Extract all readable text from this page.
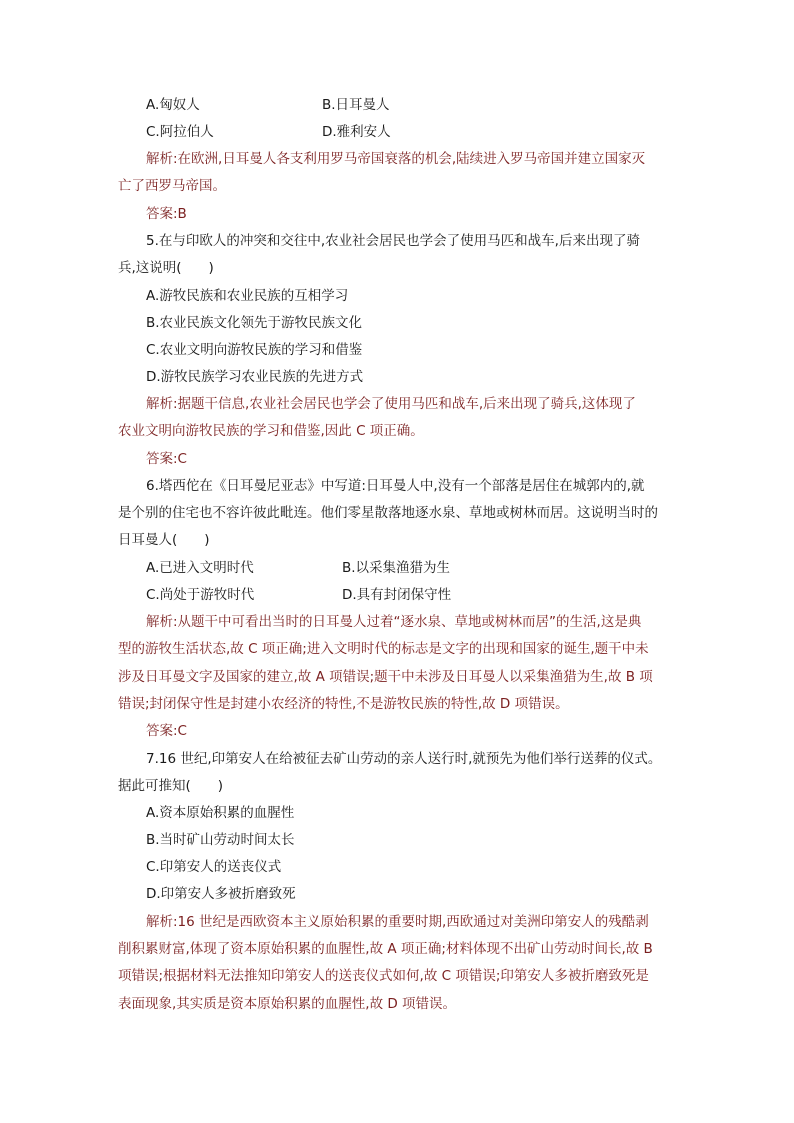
A.匈奴人	B.日耳曼人
C.阿拉伯人	D.雅利安人
解析:在欧洲,日耳曼人各支利用罗马帝国衰落的机会,陆续进入罗马帝国并建立国家灭
亡了西罗马帝国。
答案:B
5.在与印欧人的冲突和交往中,农业社会居民也学会了使用马匹和战车,后来出现了骑
兵,这说明(　　)
A.游牧民族和农业民族的互相学习
B.农业民族文化领先于游牧民族文化
C.农业文明向游牧民族的学习和借鉴
D.游牧民族学习农业民族的先进方式
解析:据题干信息,农业社会居民也学会了使用马匹和战车,后来出现了骑兵,这体现了
农业文明向游牧民族的学习和借鉴,因此 C 项正确。
答案:C
6.塔西佗在《日耳曼尼亚志》中写道:日耳曼人中,没有一个部落是居住在城郭内的,就
是个别的住宅也不容许彼此毗连。他们零星散落地逐水泉、草地或树林而居。这说明当时的
日耳曼人(　　)
A.已进入文明时代	B.以采集渔猎为生
C.尚处于游牧时代	D.具有封闭保守性
解析:从题干中可看出当时的日耳曼人过着“逐水泉、草地或树林而居”的生活,这是典
型的游牧生活状态,故 C 项正确;进入文明时代的标志是文字的出现和国家的诞生,题干中未
涉及日耳曼文字及国家的建立,故 A 项错误;题干中未涉及日耳曼人以采集渔猎为生,故 B 项
错误;封闭保守性是封建小农经济的特性,不是游牧民族的特性,故 D 项错误。
答案:C
7.16 世纪,印第安人在给被征去矿山劳动的亲人送行时,就预先为他们举行送葬的仪式。
据此可推知(　　)
A.资本原始积累的血腥性
B.当时矿山劳动时间太长
C.印第安人的送丧仪式
D.印第安人多被折磨致死
解析:16 世纪是西欧资本主义原始积累的重要时期,西欧通过对美洲印第安人的残酷剥
削积累财富,体现了资本原始积累的血腥性,故 A 项正确;材料体现不出矿山劳动时间长,故 B
项错误;根据材料无法推知印第安人的送丧仪式如何,故 C 项错误;印第安人多被折磨致死是
表面现象,其实质是资本原始积累的血腥性,故 D 项错误。
